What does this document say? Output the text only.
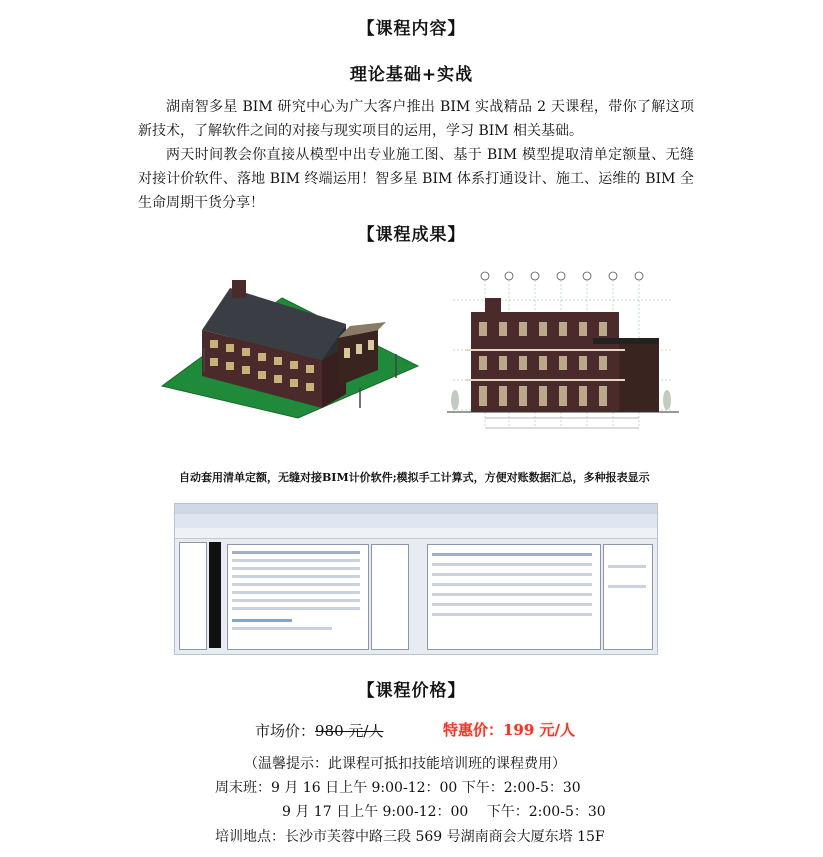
【课程内容】
理论基础+实战
湖南智多星 BIM 研究中心为广大客户推出 BIM 实战精品 2 天课程，带你了解这项新技术，了解软件之间的对接与现实项目的运用，学习 BIM 相关基础。
两天时间教会你直接从模型中出专业施工图、基于 BIM 模型提取清单定额量、无缝对接计价软件、落地 BIM 终端运用！智多星 BIM 体系打通设计、施工、运维的 BIM 全生命周期干货分享！
【课程成果】
自动套用清单定额，无缝对接BIM计价软件;模拟手工计算式，方便对账数据汇总，多种报表显示
【课程价格】
市场价： 980 元/人	特惠价：199 元/人
（温馨提示：此课程可抵扣技能培训班的课程费用）
周末班：9 月 16 日上午 9:00-12：00 下午：2:00-5：30
9 月 17 日上午 9:00-12：00　 下午：2:00-5：30
培训地点：长沙市芙蓉中路三段 569 号湖南商会大厦东塔 15F
